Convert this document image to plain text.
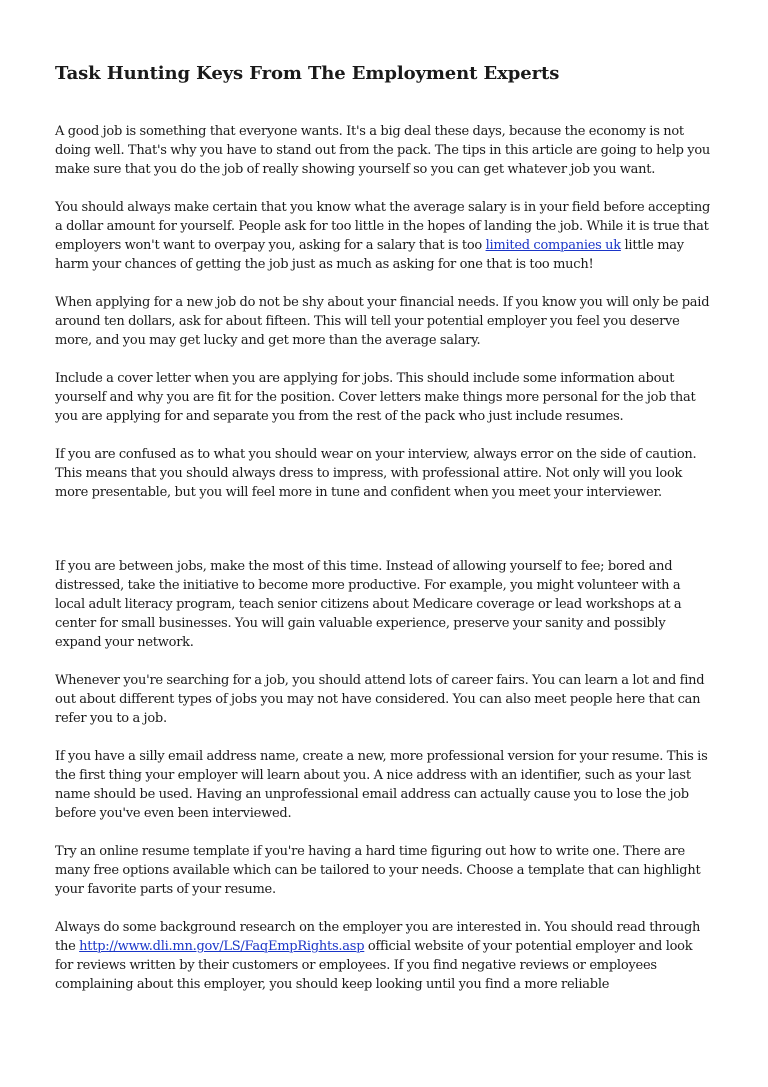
Task Hunting Keys From The Employment Experts

A good job is something that everyone wants. It's a big deal these days, because the economy is not doing well. That's why you have to stand out from the pack. The tips in this article are going to help you make sure that you do the job of really showing yourself so you can get whatever job you want.

You should always make certain that you know what the average salary is in your field before accepting a dollar amount for yourself. People ask for too little in the hopes of landing the job. While it is true that employers won't want to overpay you, asking for a salary that is too limited companies uk little may harm your chances of getting the job just as much as asking for one that is too much!

When applying for a new job do not be shy about your financial needs. If you know you will only be paid around ten dollars, ask for about fifteen. This will tell your potential employer you feel you deserve more, and you may get lucky and get more than the average salary.

Include a cover letter when you are applying for jobs. This should include some information about yourself and why you are fit for the position. Cover letters make things more personal for the job that you are applying for and separate you from the rest of the pack who just include resumes.

If you are confused as to what you should wear on your interview, always error on the side of caution. This means that you should always dress to impress, with professional attire. Not only will you look more presentable, but you will feel more in tune and confident when you meet your interviewer.

If you are between jobs, make the most of this time. Instead of allowing yourself to fee; bored and distressed, take the initiative to become more productive. For example, you might volunteer with a local adult literacy program, teach senior citizens about Medicare coverage or lead workshops at a center for small businesses. You will gain valuable experience, preserve your sanity and possibly expand your network.

Whenever you're searching for a job, you should attend lots of career fairs. You can learn a lot and find out about different types of jobs you may not have considered. You can also meet people here that can refer you to a job.

If you have a silly email address name, create a new, more professional version for your resume. This is the first thing your employer will learn about you. A nice address with an identifier, such as your last name should be used. Having an unprofessional email address can actually cause you to lose the job before you've even been interviewed.

Try an online resume template if you're having a hard time figuring out how to write one. There are many free options available which can be tailored to your needs. Choose a template that can highlight your favorite parts of your resume.

Always do some background research on the employer you are interested in. You should read through the http://www.dli.mn.gov/LS/FaqEmpRights.asp official website of your potential employer and look for reviews written by their customers or employees. If you find negative reviews or employees complaining about this employer, you should keep looking until you find a more reliable
